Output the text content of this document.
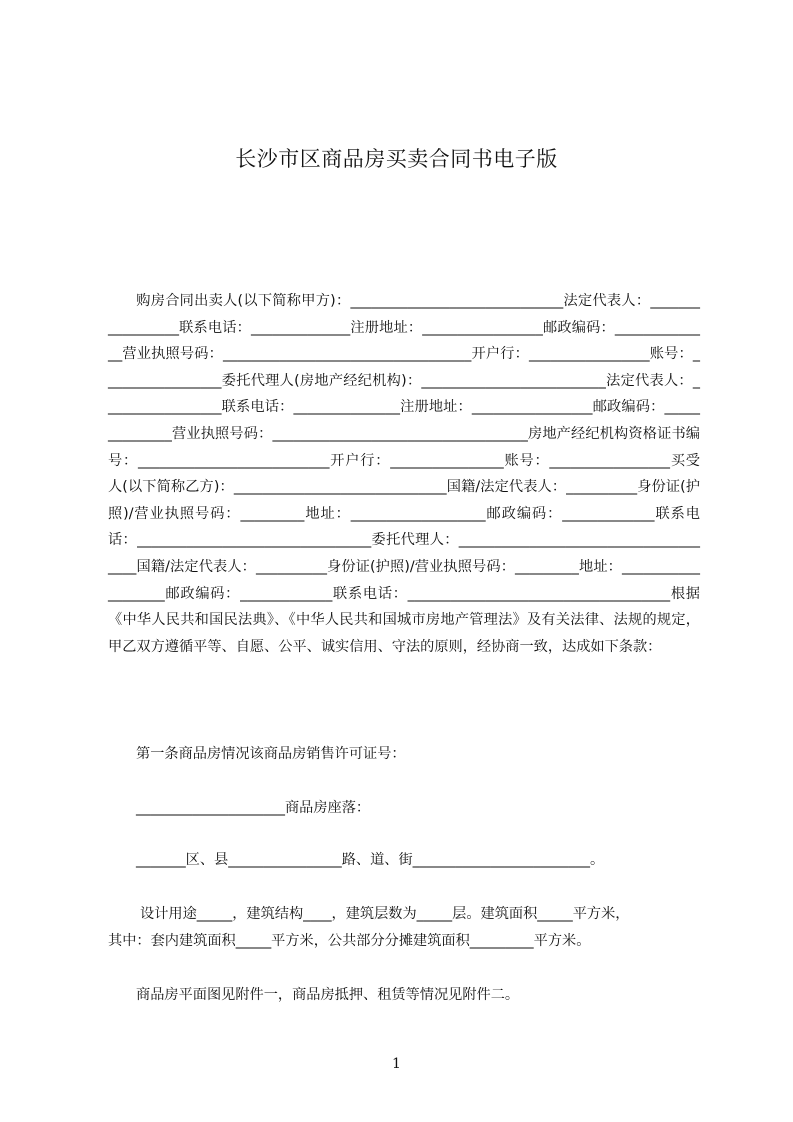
长沙市区商品房买卖合同书电子版

购房合同出卖人(以下简称甲方)：______________________________法定代表人：_________________联系电话：______________注册地址：_________________邮政编码：______________营业执照号码：___________________________________开户行：_________________账号：_________________委托代理人(房地产经纪机构)：__________________________法定代表人：_________________联系电话：_______________注册地址：_________________邮政编码：______________营业执照号码：____________________________________房地产经纪机构资格证书编号：___________________________开户行：________________账号：_________________买受人(以下简称乙方)：______________________________国籍/法定代表人：__________身份证(护照)/营业执照号码：_________地址：___________________邮政编码：_____________联系电话：_________________________________委托代理人：______________________________________国籍/法定代表人：__________身份证(护照)/营业执照号码：_________地址：___________________邮政编码：_____________联系电话：_____________________________________根据《中华人民共和国民法典》、《中华人民共和国城市房地产管理法》及有关法律、法规的规定，甲乙双方遵循平等、自愿、公平、诚实信用、守法的原则，经协商一致，达成如下条款：

第一条商品房情况该商品房销售许可证号：

_____________________商品房座落：

_______区、县________________路、道、街_________________________。

设计用途_____，建筑结构____，建筑层数为_____层。建筑面积_____平方米，

其中：套内建筑面积_____平方米，公共部分分摊建筑面积_________平方米。

商品房平面图见附件一，商品房抵押、租赁等情况见附件二。

1
